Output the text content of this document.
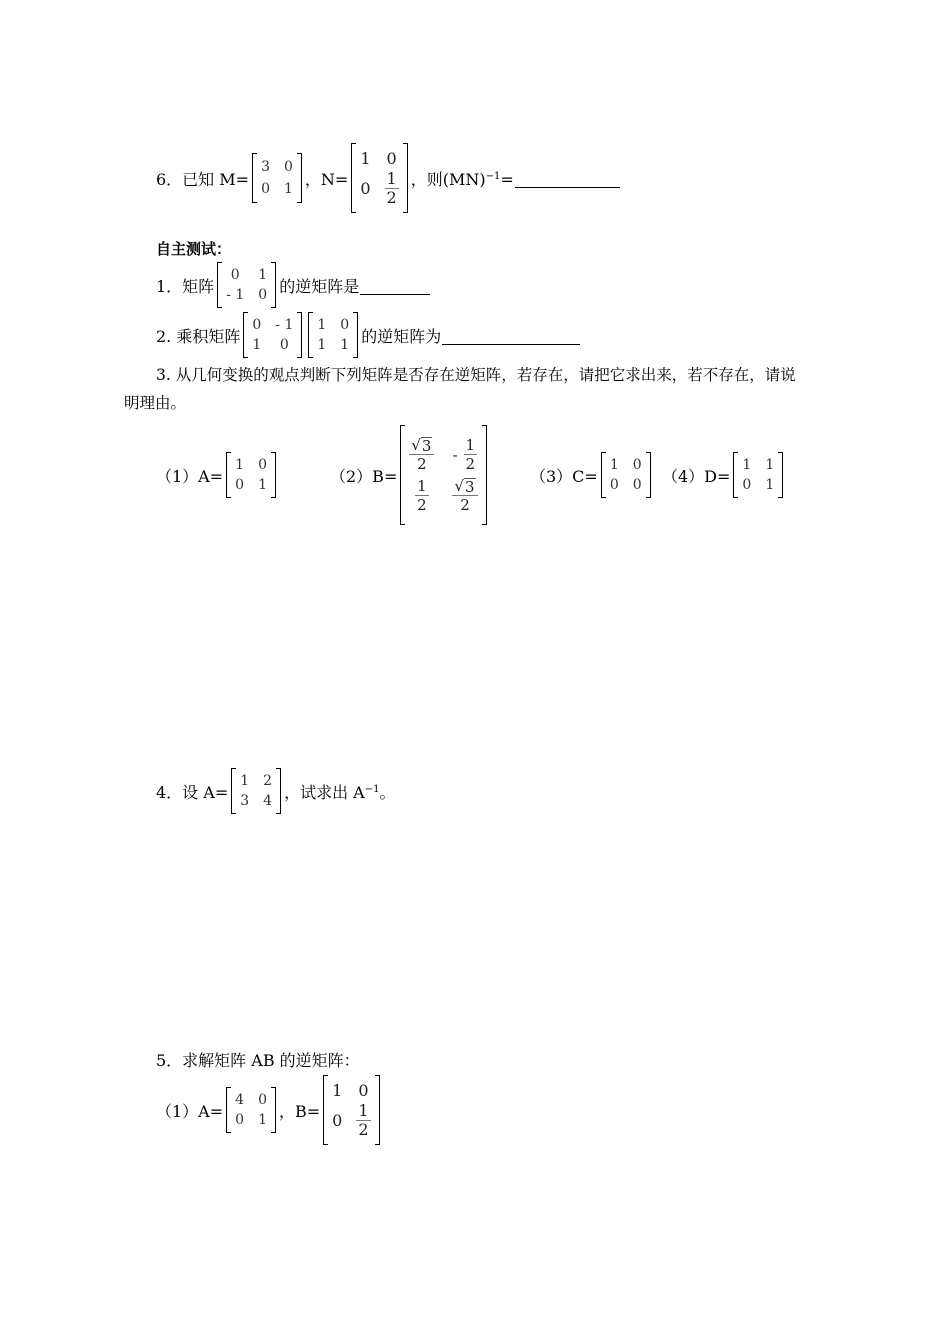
6．已知 M=
3 0
0 1
，N=
1 0
$0 \frac{1}{2}$ ，则(MN)$^{-1}$=
自主测试：
1．矩阵
0	1
- 1 0 的逆矩阵是
2. 乘积矩阵
0 - 1
1	0
1 0
1 1 的逆矩阵为
3. 从几何变换的观点判断下列矩阵是否存在逆矩阵，若存在，请把它求出来，若不存在，请说
明理由。
（1）A=
1 0
0 1	（2）B=
$\frac{√ 3}{2} - \frac{1}{2}$
$\frac{1}{2} \frac{√ 3}{2}$
（3）C=
1 0
0 0 （4）D=
1 1
0 1
4．设 A=
1 2
3 4 ，试求出 $A^{-1}$。
5．求解矩阵 AB 的逆矩阵：
（1）A=
4 0
0 1 ，B=
1 0
$0 \frac{1}{2}$
